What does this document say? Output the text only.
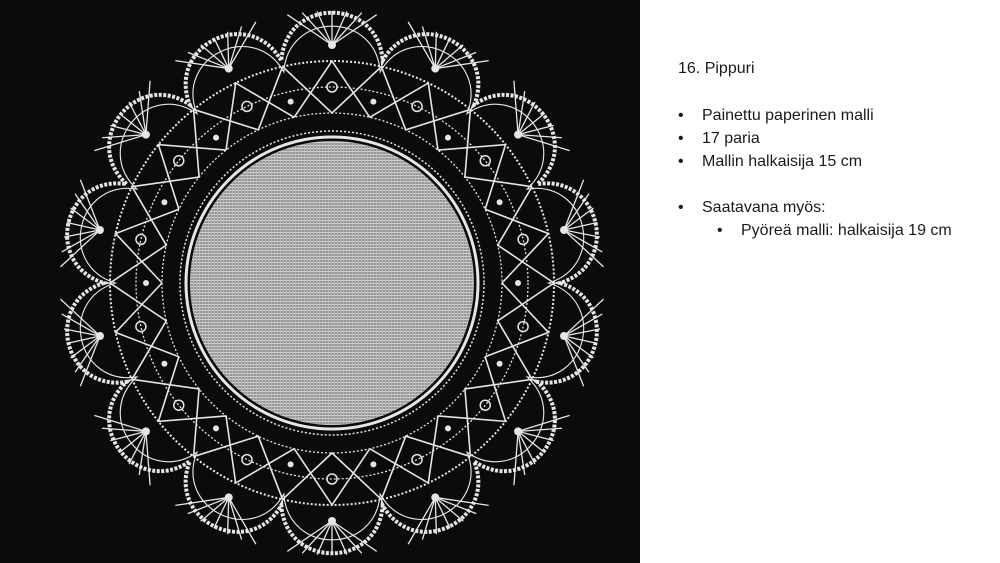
16. Pippuri
• Painettu paperinen malli
• 17 paria
• Mallin halkaisija 15 cm
• Saatavana myös:
• Pyöreä malli: halkaisija 19 cm
